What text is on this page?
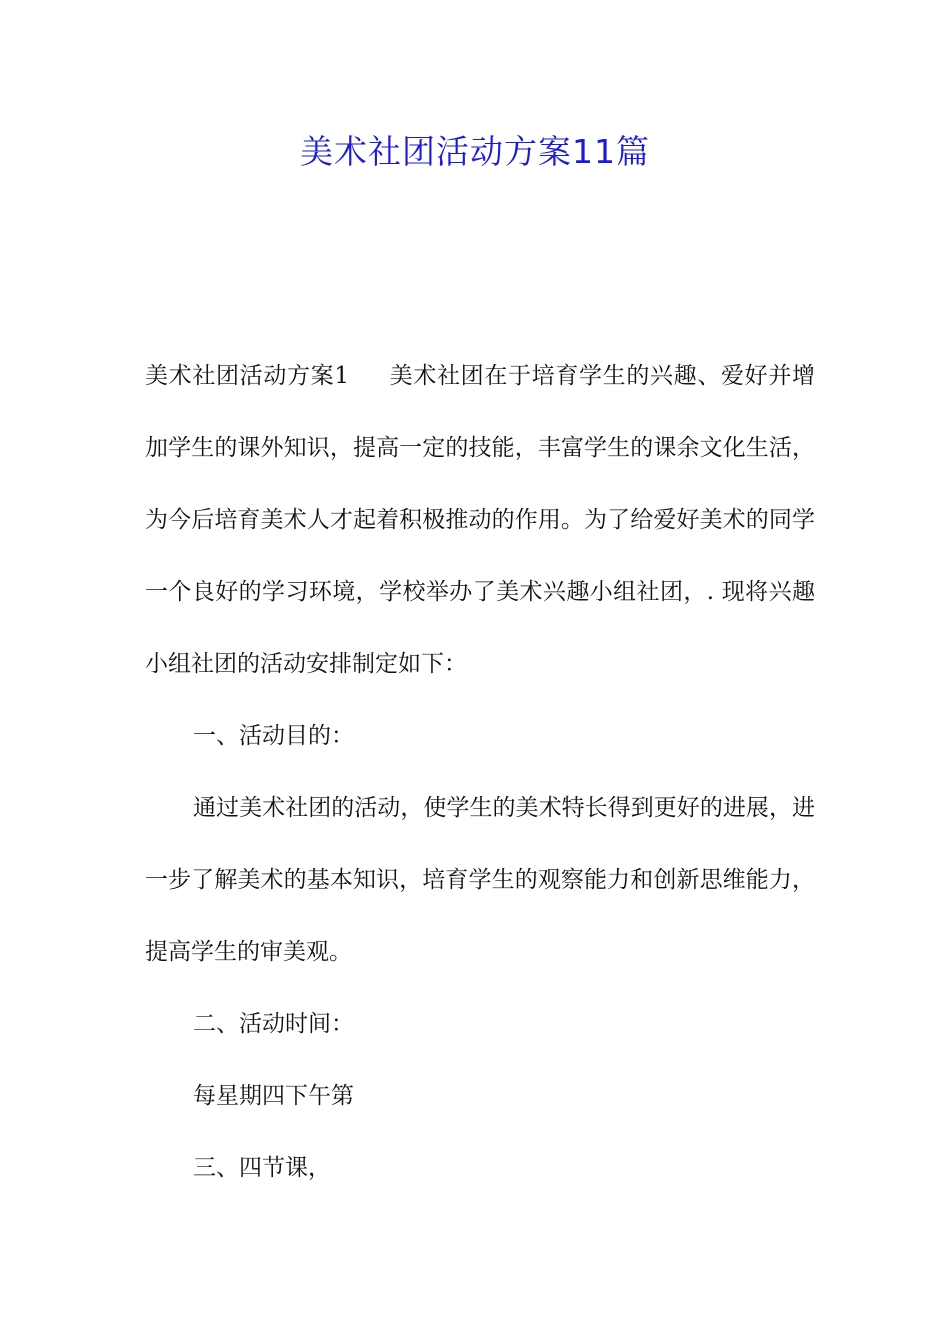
美术社团活动方案11篇

美术社团活动方案1 美术社团在于培育学生的兴趣、爱好并增加学生的课外知识，提高一定的技能，丰富学生的课余文化生活，为今后培育美术人才起着积极推动的作用。为了给爱好美术的同学一个良好的学习环境，学校举办了美术兴趣小组社团，. 现将兴趣小组社团的活动安排制定如下：

一、活动目的：

通过美术社团的活动，使学生的美术特长得到更好的进展，进一步了解美术的基本知识，培育学生的观察能力和创新思维能力，提高学生的审美观。

二、活动时间：

每星期四下午第

三、四节课，
